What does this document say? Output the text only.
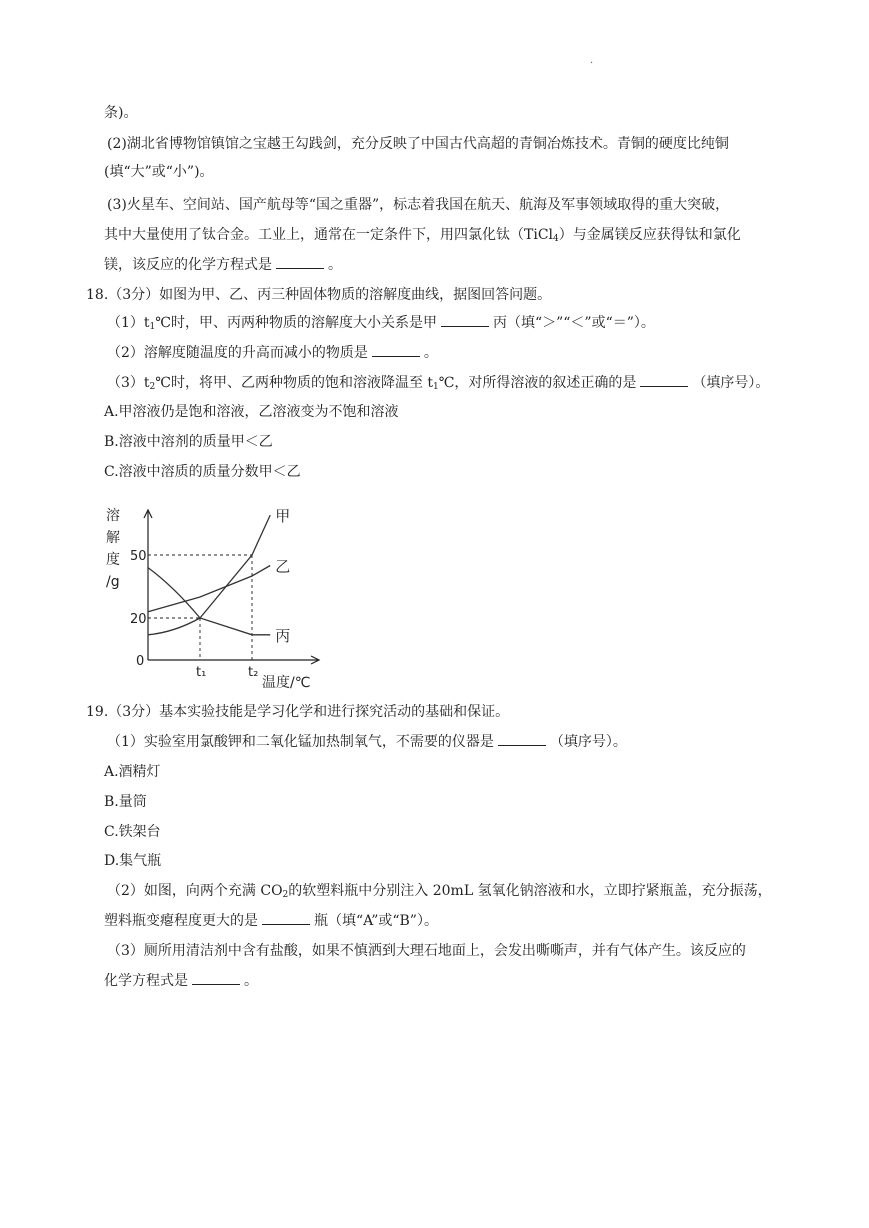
.
条)。
(2)湖北省博物馆镇馆之宝越王勾践剑，充分反映了中国古代高超的青铜冶炼技术。青铜的硬度比纯铜
(填“大”或“小”)。
(3)火星车、空间站、国产航母等“国之重器”，标志着我国在航天、航海及军事领域取得的重大突破，
其中大量使用了钛合金。工业上，通常在一定条件下，用四氯化钛（TiCl$_4$）与金属镁反应获得钛和氯化
镁，该反应的化学方程式是	。
18.（3分）如图为甲、乙、丙三种固体物质的溶解度曲线，据图回答问题。
$(1)t_1℃$时，甲、丙两种物质的溶解度大小关系是甲	丙（填“＞”“＜”或“＝”）。
（2）溶解度随温度的升高而减小的物质是	。
$(3)t_2℃$时，将甲、乙两种物质的饱和溶液降温至 $t_1℃$，对所得溶液的叙述正确的是	（填序号）。
A.甲溶液仍是饱和溶液，乙溶液变为不饱和溶液
B.溶液中溶剂的质量甲＜乙
C.溶液中溶质的质量分数甲＜乙
甲
乙
丙
溶
解
度
/g
20
50
0
t₁	t₂
温度/℃
19.（3分）基本实验技能是学习化学和进行探究活动的基础和保证。
（1）实验室用氯酸钾和二氧化锰加热制氧气，不需要的仪器是	（填序号）。
A.酒精灯
B.量筒
C.铁架台
D.集气瓶
（2）如图，向两个充满 $CO_2$的软塑料瓶中分别注入 20mL 氢氧化钠溶液和水，立即拧紧瓶盖，充分振荡，
塑料瓶变瘪程度更大的是	瓶（填“A”或“B”）。
（3）厕所用清洁剂中含有盐酸，如果不慎洒到大理石地面上，会发出嘶嘶声，并有气体产生。该反应的
化学方程式是	。
